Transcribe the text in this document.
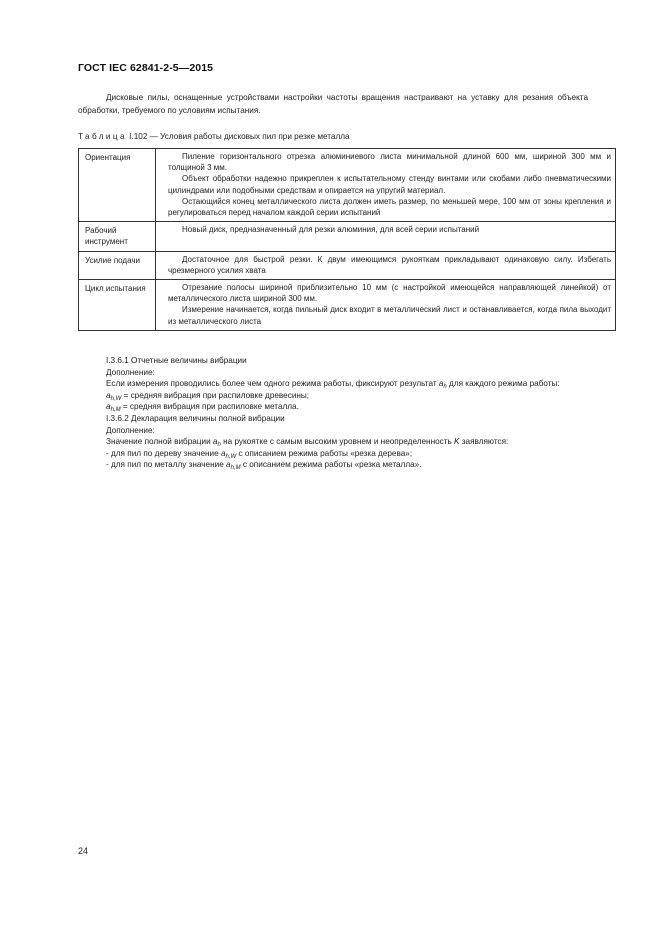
ГОСТ IEC 62841-2-5—2015
Дисковые пилы, оснащенные устройствами настройки частоты вращения настраивают на уставку для резания объекта обработки, требуемого по условиям испытания.
Таблица I.102 — Условия работы дисковых пил при резке металла
Ориентация	Пиление горизонтального отрезка алюминиевого листа минимальной длиной 600 мм, шириной 300 мм и толщиной 3 мм.

Объект обработки надежно прикреплен к испытательному стенду винтами или скобами либо пневматическими цилиндрами или подобными средствам и опирается на упругий материал.

Остающийся конец металлического листа должен иметь размер, по меньшей мере, 100 мм от зоны крепления и регулироваться перед началом каждой серии испытаний

Рабочий инструмент	Новый диск, предназначенный для резки алюминия, для всей серии испытаний

Усилие подачи	Достаточное для быстрой резки. К двум имеющимся рукояткам прикладывают одинаковую силу. Избегать чрезмерного усилия хвата

Цикл испытания	Отрезание полосы шириной приблизительно 10 мм (с настройкой имеющейся направляющей линейкой) от металлического листа шириной 300 мм.

Измерение начинается, когда пильный диск входит в металлический лист и останавливается, когда пила выходит из металлического листа

I.3.6.1 Отчетные величины вибрации
Дополнение:
Если измерения проводились более чем одного режима работы, фиксируют результат $a_h$ для каждого режима работы:
$a_{h,W}$ = средняя вибрация при распиловке древесины;
$a_{h,M}$ = средняя вибрация при распиловке металла.
I.3.6.2 Декларация величины полной вибрации
Дополнение:
Значение полной вибрации $a_h$ на рукоятке с самым высоким уровнем и неопределенность K заявляются:
- для пил по дереву значение $a_{h,W}$ с описанием режима работы «резка дерева»;
- для пил по металлу значение $a_{h,M}$ с описанием режима работы «резка металла».
24
